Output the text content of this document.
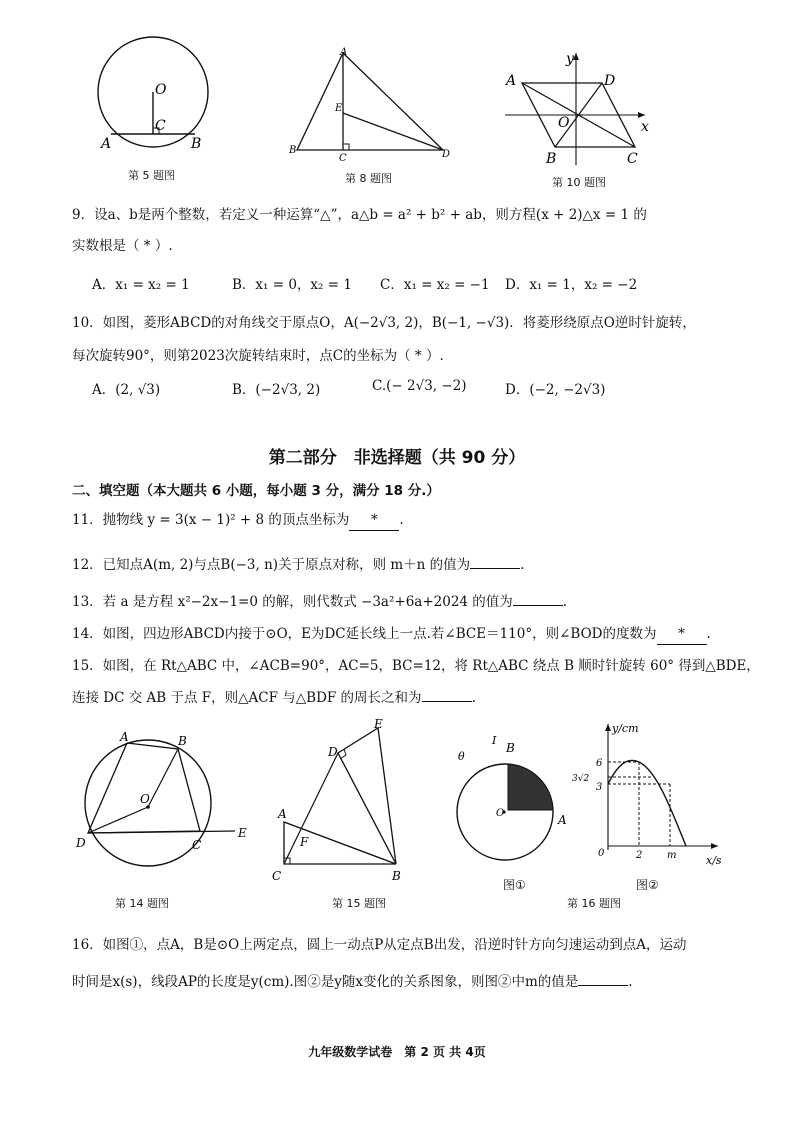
O
C
A	B
第 5 题图
A
E
B
C	D
第 8 题图
y
x
A	D
O
B	C
第 10 题图
9．设a、b是两个整数，若定义一种运算“△”，a△b = a² + b² + ab，则方程(x + 2)△x = 1 的
实数根是（ * ）.
A．x₁ = x₂ = 1	B．x₁ = 0，x₂ = 1 C．x₁ = x₂ = −1 D．x₁ = 1，x₂ = −2
10．如图，菱形ABCD的对角线交于原点O，A(−2√3, 2)，B(−1, −√3)．将菱形绕原点O逆时针旋转，
每次旋转90°，则第2023次旋转结束时，点C的坐标为（ * ）.
A．(2, √3)	B．(−2√3, 2)	C.(− 2√3, −2)	D．(−2, −2√3)
第二部分　非选择题（共 90 分）
二、填空题（本大题共 6 小题，每小题 3 分，满分 18 分.）
11．抛物线 y = 3(x − 1)² + 8 的顶点坐标为 * .
12．已知点A(m, 2)与点B(−3, n)关于原点对称，则 m＋n 的值为	.
13．若 a 是方程 x²−2x−1=0 的解，则代数式 −3a²+6a+2024 的值为	.
14．如图，四边形ABCD内接于⊙O，E为DC延长线上一点.若∠BCE＝110°，则∠BOD的度数为 * .
15．如图，在 Rt△ABC 中，∠ACB=90°，AC=5，BC=12，将 Rt△ABC 绕点 B 顺时针旋转 60° 得到△BDE，
连接 DC 交 AB 于点 F，则△ACF 与△BDF 的周长之和为	.
A	B
O
D	C
E
第 14 题图
A
D
E
F
C	B
第 15 题图
θ
I
B
O	A
图①
y/cm
6
3√2
3
0	2 m	x/s
图②
第 16 题图
16．如图①，点A，B是⊙O上两定点，圆上一动点P从定点B出发，沿逆时针方向匀速运动到点A，运动
时间是x(s)，线段AP的长度是y(cm).图②是y随x变化的关系图象，则图②中m的值是	.
九年级数学试卷　第 2 页 共 4页
